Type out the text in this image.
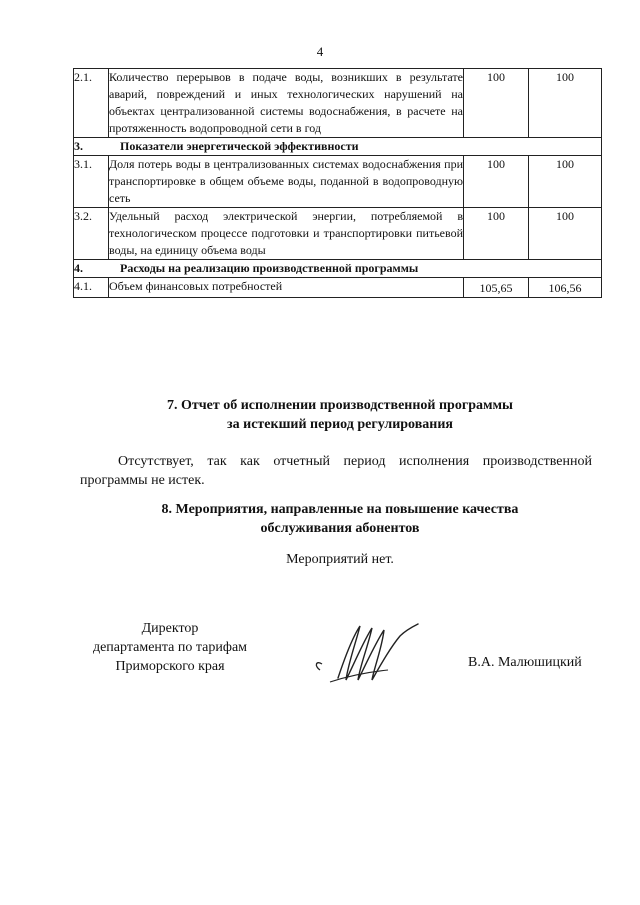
4
2.1.	Количество перерывов в подаче воды, возникших в результате аварий, повреждений и иных технологических нарушений на объектах централизованной системы водоснабжения, в расчете на протяженность водопроводной сети в год	100	100
3. Показатели энергетической эффективности			
3.1.	Доля потерь воды в централизованных системах водоснабжения при транспортировке в общем объеме воды, поданной в водопроводную сеть	100	100
3.2.	Удельный расход электрической энергии, потребляемой в технологическом процессе подготовки и транспортировки питьевой воды, на единицу объема воды	100	100
4. Расходы на реализацию производственной программы			
4.1.	Объем финансовых потребностей	105,65	106,56
7. Отчет об исполнении производственной программы
за истекший период регулирования
Отсутствует, так как отчетный период исполнения производственной программы не истек.
8. Мероприятия, направленные на повышение качества
обслуживания абонентов
Мероприятий нет.
Директор
департамента по тарифам
Приморского края	В.А. Малюшицкий
